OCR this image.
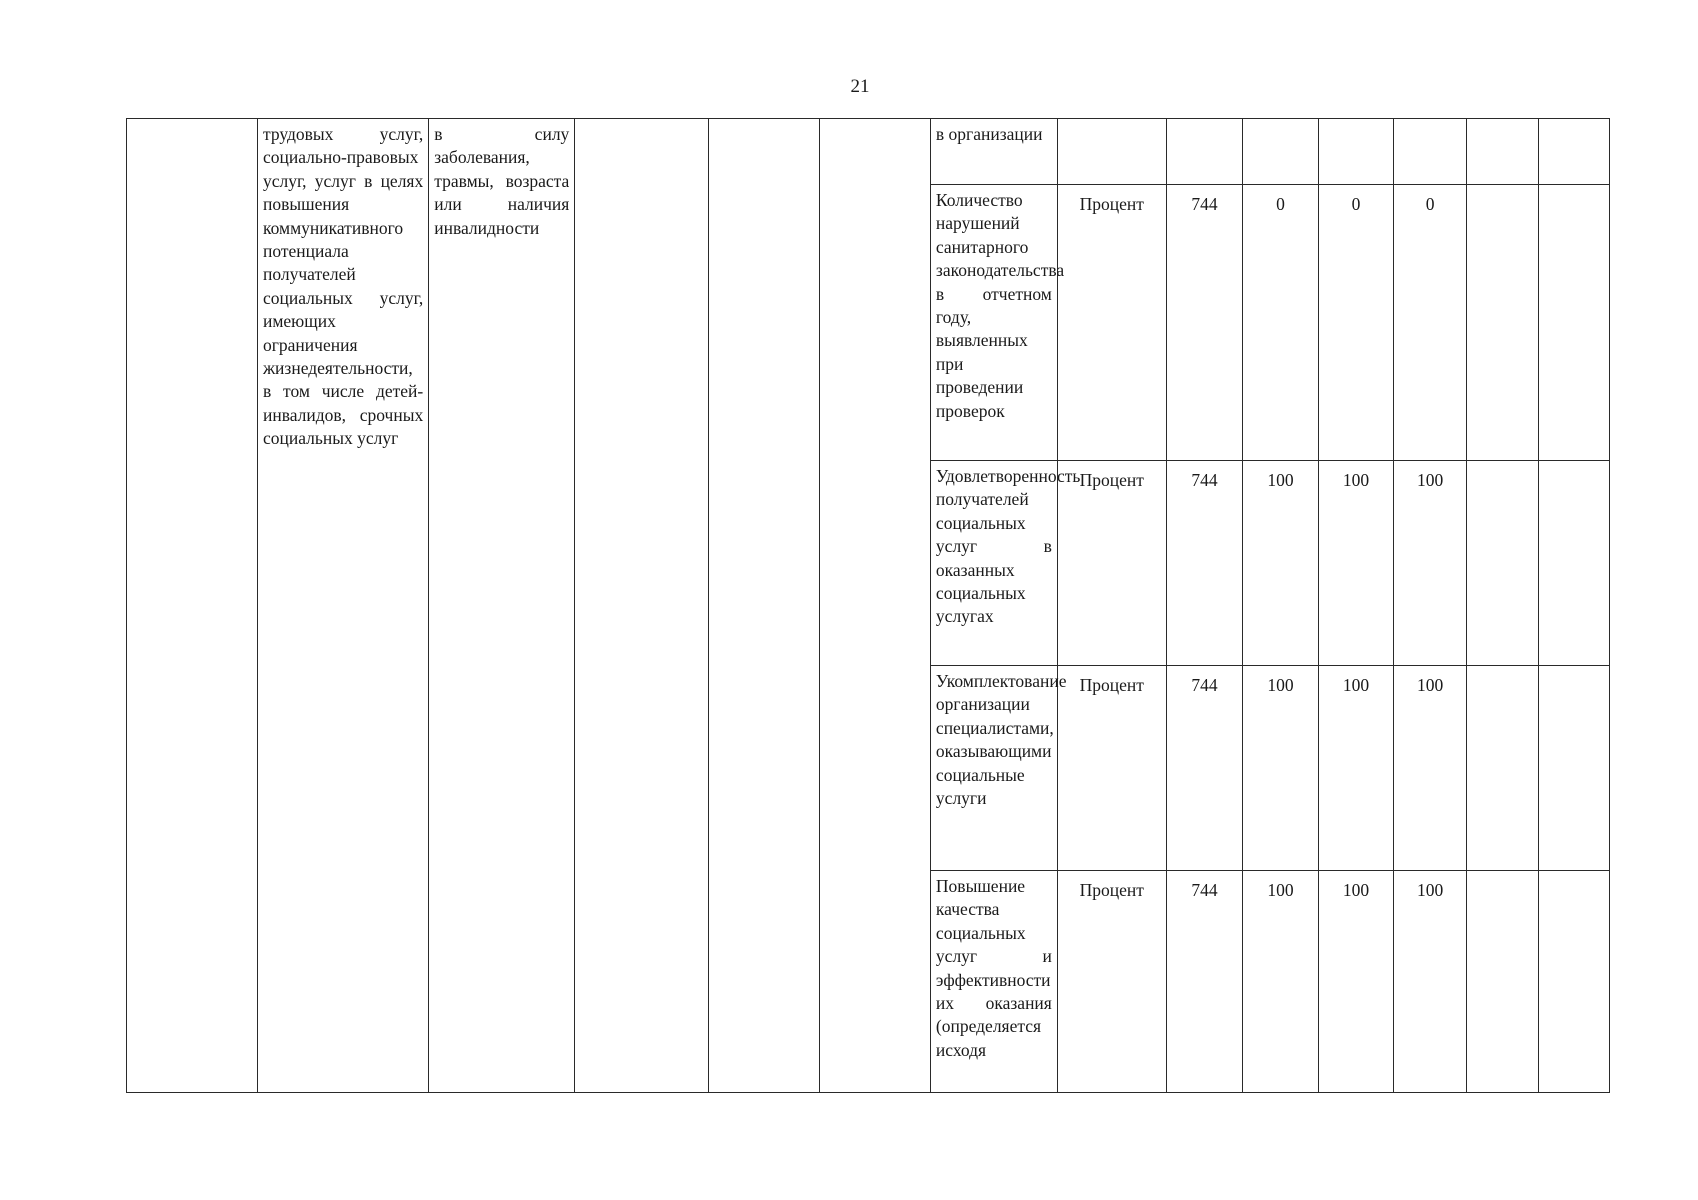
21
	трудовых услуг, социально-правовых услуг, услуг в целях повышения коммуникативного потенциала получателей социальных услуг, имеющих ограничения жизнедеятельности, в том числе детей-инвалидов, срочных социальных услуг	в силу заболевания, травмы, возраста или наличия инвалидности				в организации							
						Количество нарушений санитарного законодательства в отчетном году, выявленных при проведении проверок	Процент	744	0	0	0		
						Удовлетворенность получателей социальных услуг в оказанных социальных услугах	Процент	744	100	100	100		
						Укомплектование организации специалистами, оказывающими социальные услуги	Процент	744	100	100	100		
						Повышение качества социальных услуг и эффективности их оказания (определяется исходя	Процент	744	100	100	100		
